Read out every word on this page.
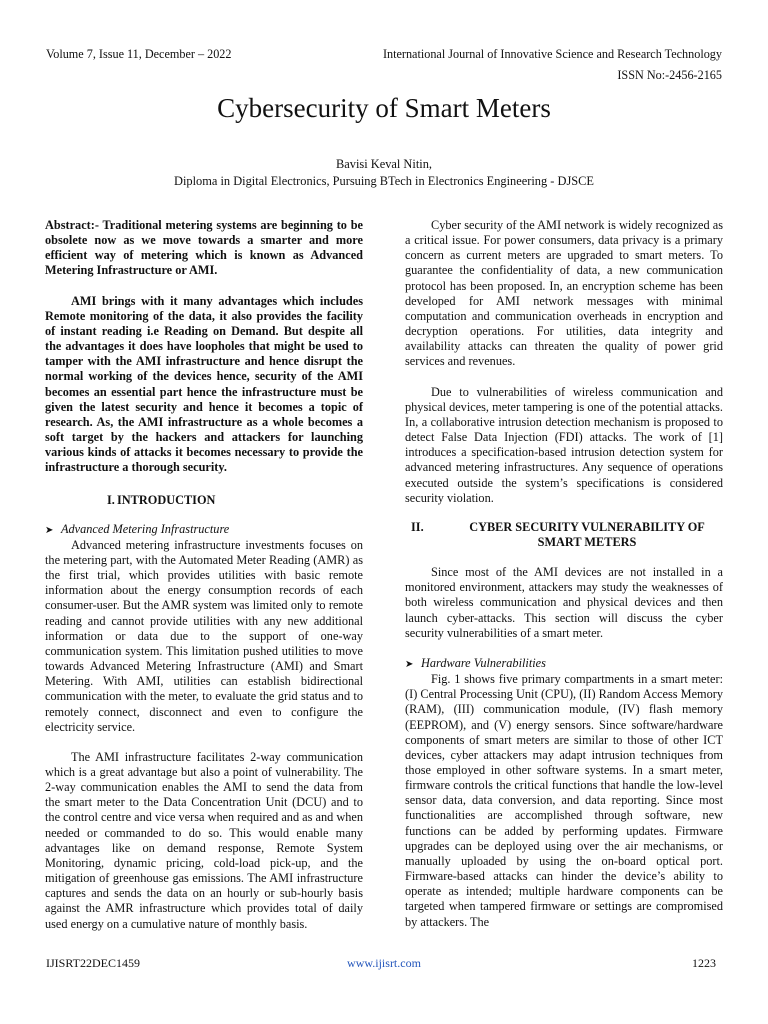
Volume 7, Issue 11, December – 2022	International Journal of Innovative Science and Research Technology
ISSN No:-2456-2165
Cybersecurity of Smart Meters
Bavisi Keval Nitin,
Diploma in Digital Electronics, Pursuing BTech in Electronics Engineering - DJSCE

Abstract:- Traditional metering systems are beginning to be obsolete now as we move towards a smarter and more efficient way of metering which is known as Advanced Metering Infrastructure or AMI.

AMI brings with it many advantages which includes Remote monitoring of the data, it also provides the facility of instant reading i.e Reading on Demand. But despite all the advantages it does have loopholes that might be used to tamper with the AMI infrastructure and hence disrupt the normal working of the devices hence, security of the AMI becomes an essential part hence the infrastructure must be given the latest security and hence it becomes a topic of research. As, the AMI infrastructure as a whole becomes a soft target by the hackers and attackers for launching various kinds of attacks it becomes necessary to provide the infrastructure a thorough security.

I. INTRODUCTION
➤ Advanced Metering Infrastructure

Advanced metering infrastructure investments focuses on the metering part, with the Automated Meter Reading (AMR) as the first trial, which provides utilities with basic remote information about the energy consumption records of each consumer-user. But the AMR system was limited only to remote reading and cannot provide utilities with any new additional information or data due to the support of one-way communication system. This limitation pushed utilities to move towards Advanced Metering Infrastructure (AMI) and Smart Metering. With AMI, utilities can establish bidirectional communication with the meter, to evaluate the grid status and to remotely connect, disconnect and even to configure the electricity service.

The AMI infrastructure facilitates 2-way communication which is a great advantage but also a point of vulnerability. The 2-way communication enables the AMI to send the data from the smart meter to the Data Concentration Unit (DCU) and to the control centre and vice versa when required and as and when needed or commanded to do so. This would enable many advantages like on demand response, Remote System Monitoring, dynamic pricing, cold-load pick-up, and the mitigation of greenhouse gas emissions. The AMI infrastructure captures and sends the data on an hourly or sub-hourly basis against the AMR infrastructure which provides total of daily used energy on a cumulative nature of monthly basis.

Cyber security of the AMI network is widely recognized as a critical issue. For power consumers, data privacy is a primary concern as current meters are upgraded to smart meters. To guarantee the confidentiality of data, a new communication protocol has been proposed. In, an encryption scheme has been developed for AMI network messages with minimal computation and communication overheads in encryption and decryption operations. For utilities, data integrity and availability attacks can threaten the quality of power grid services and revenues.

Due to vulnerabilities of wireless communication and physical devices, meter tampering is one of the potential attacks. In, a collaborative intrusion detection mechanism is proposed to detect False Data Injection (FDI) attacks. The work of [1] introduces a specification-based intrusion detection system for advanced metering infrastructures. Any sequence of operations executed outside the system’s specifications is considered security violation.

II.	CYBER SECURITY VULNERABILITY OF SMART METERS

Since most of the AMI devices are not installed in a monitored environment, attackers may study the weaknesses of both wireless communication and physical devices and then launch cyber-attacks. This section will discuss the cyber security vulnerabilities of a smart meter.

➤ Hardware Vulnerabilities

Fig. 1 shows five primary compartments in a smart meter: (I) Central Processing Unit (CPU), (II) Random Access Memory (RAM), (III) communication module, (IV) flash memory (EEPROM), and (V) energy sensors. Since software/hardware components of smart meters are similar to those of other ICT devices, cyber attackers may adapt intrusion techniques from those employed in other software systems. In a smart meter, firmware controls the critical functions that handle the low-level sensor data, data conversion, and data reporting. Since most functionalities are accomplished through software, new functions can be added by performing updates. Firmware upgrades can be deployed using over the air mechanisms, or manually uploaded by using the on-board optical port. Firmware-based attacks can hinder the device’s ability to operate as intended; multiple hardware components can be targeted when tampered firmware or settings are compromised by attackers. The

IJISRT22DEC1459	www.ijisrt.com	1223
